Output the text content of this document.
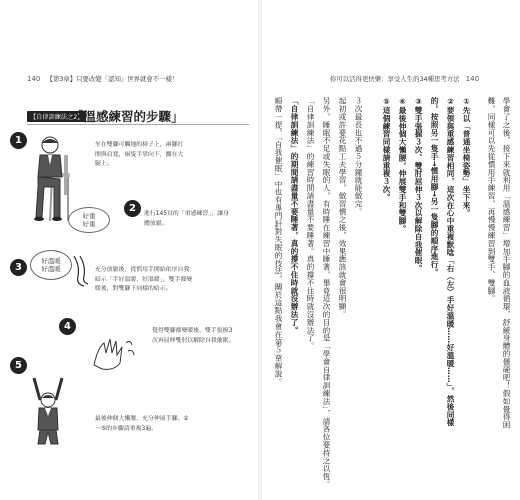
140 【第3章】只要改變「認知」世界就會不一樣！	你可以活得更快樂：享受人生的34種思考方法 140
【自律訓練法之2】
「溫感練習的步驟」
1	坐在雙腳可觸地的椅子上，兩腳打開與肩寬，兩隻手掌向下，擱在大腿上。
好重
好重
2	進行145頁的「重感練習」，讓身體放鬆。
3
好溫暖
好溫暖	充分放鬆後，從慣用手開始依序自我暗示「手好溫暖，好溫暖」。雙手都變暖後，對雙腳下同樣的暗示。
4	覺得雙腳都變暖後，雙手張握3次再屈伸雙肘以解除自我催眠。
5
最後伸個大懶腰，充分伸展手腳。②～⑤的步驟請重複3遍。	學會了之後，接下來就利用「溫感練習」增加手腳的血液循環，舒緩身體的僵硬吧！假如覺得困
難，同樣可以先從慣用手練習，再慢慢練習到雙手、雙腳。
①先以「普通坐椅姿勢」坐下來。
②要領與重感練習相同，這次在心中重複默唸「右（左）手好溫暖……好溫暖……」，然後同樣
的，按照另一隻手→慣用腳→另一隻腳的順序進行。
③雙手張握３次、雙肘屈伸３次以解除自我催眠。
④最後伸個大懶腰，伸展雙手和雙腳。
⑤這個練習同樣請重複３次。
３次最長也不過５分鐘就能做完。
起初或許要花點工夫學習，做習慣之後，效果應該就會很明顯。
另外，睡眠不足或失眠的人，有時睡在練習中睡著，畢竟這次的目的是「學會自律訓練法」，請各位要持之以恆。
「自律訓練法」的練習時間請盡量不要睡著。真的撐不住時就沒辦法了。
「自律訓練法」的期間請盡量不要睡著，真的撐不住時就沒辦法了。
順帶一提，「自我催眠」中也有專門針對失眠的技法，關於這點我會在第５章解說。
